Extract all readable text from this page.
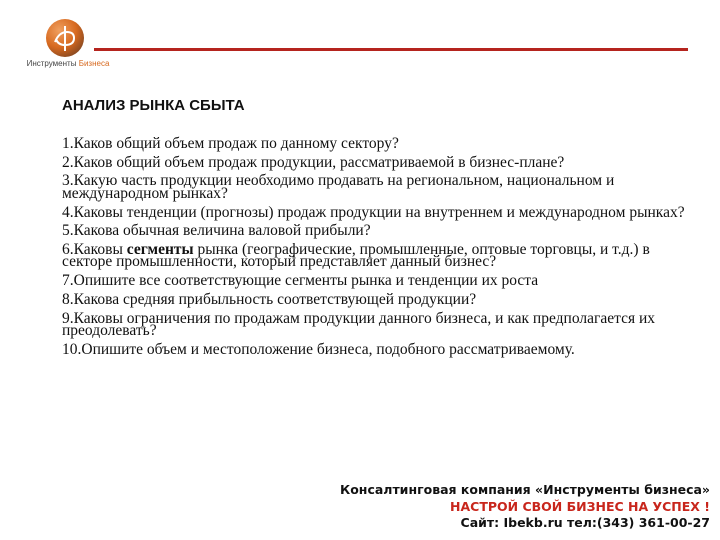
Инструменты Бизнеса
АНАЛИЗ РЫНКА СБЫТА
1.Каков общий объем продаж по данному сектору?
2.Каков общий объем продаж продукции, рассматриваемой в бизнес-плане?
3.Какую часть продукции необходимо продавать на региональном, национальном и международном рынках?
4.Каковы тенденции (прогнозы) продаж продукции на внутреннем и международном рынках?
5.Какова обычная величина валовой прибыли?
6.Каковы сегменты рынка (географические, промышленные, оптовые торговцы, и т.д.) в секторе промышленности, который представляет данный бизнес?
7.Опишите все соответствующие сегменты рынка и тенденции их роста
8.Какова средняя прибыльность соответствующей продукции?
9.Каковы ограничения по продажам продукции данного бизнеса, и как предполагается их преодолевать?
10.Опишите объем и местоположение бизнеса, подобного рассматриваемому.
Консалтинговая компания «Инструменты бизнеса»
НАСТРОЙ СВОЙ БИЗНЕС НА УСПЕХ !
Сайт: Ibekb.ru тел:(343) 361-00-27
